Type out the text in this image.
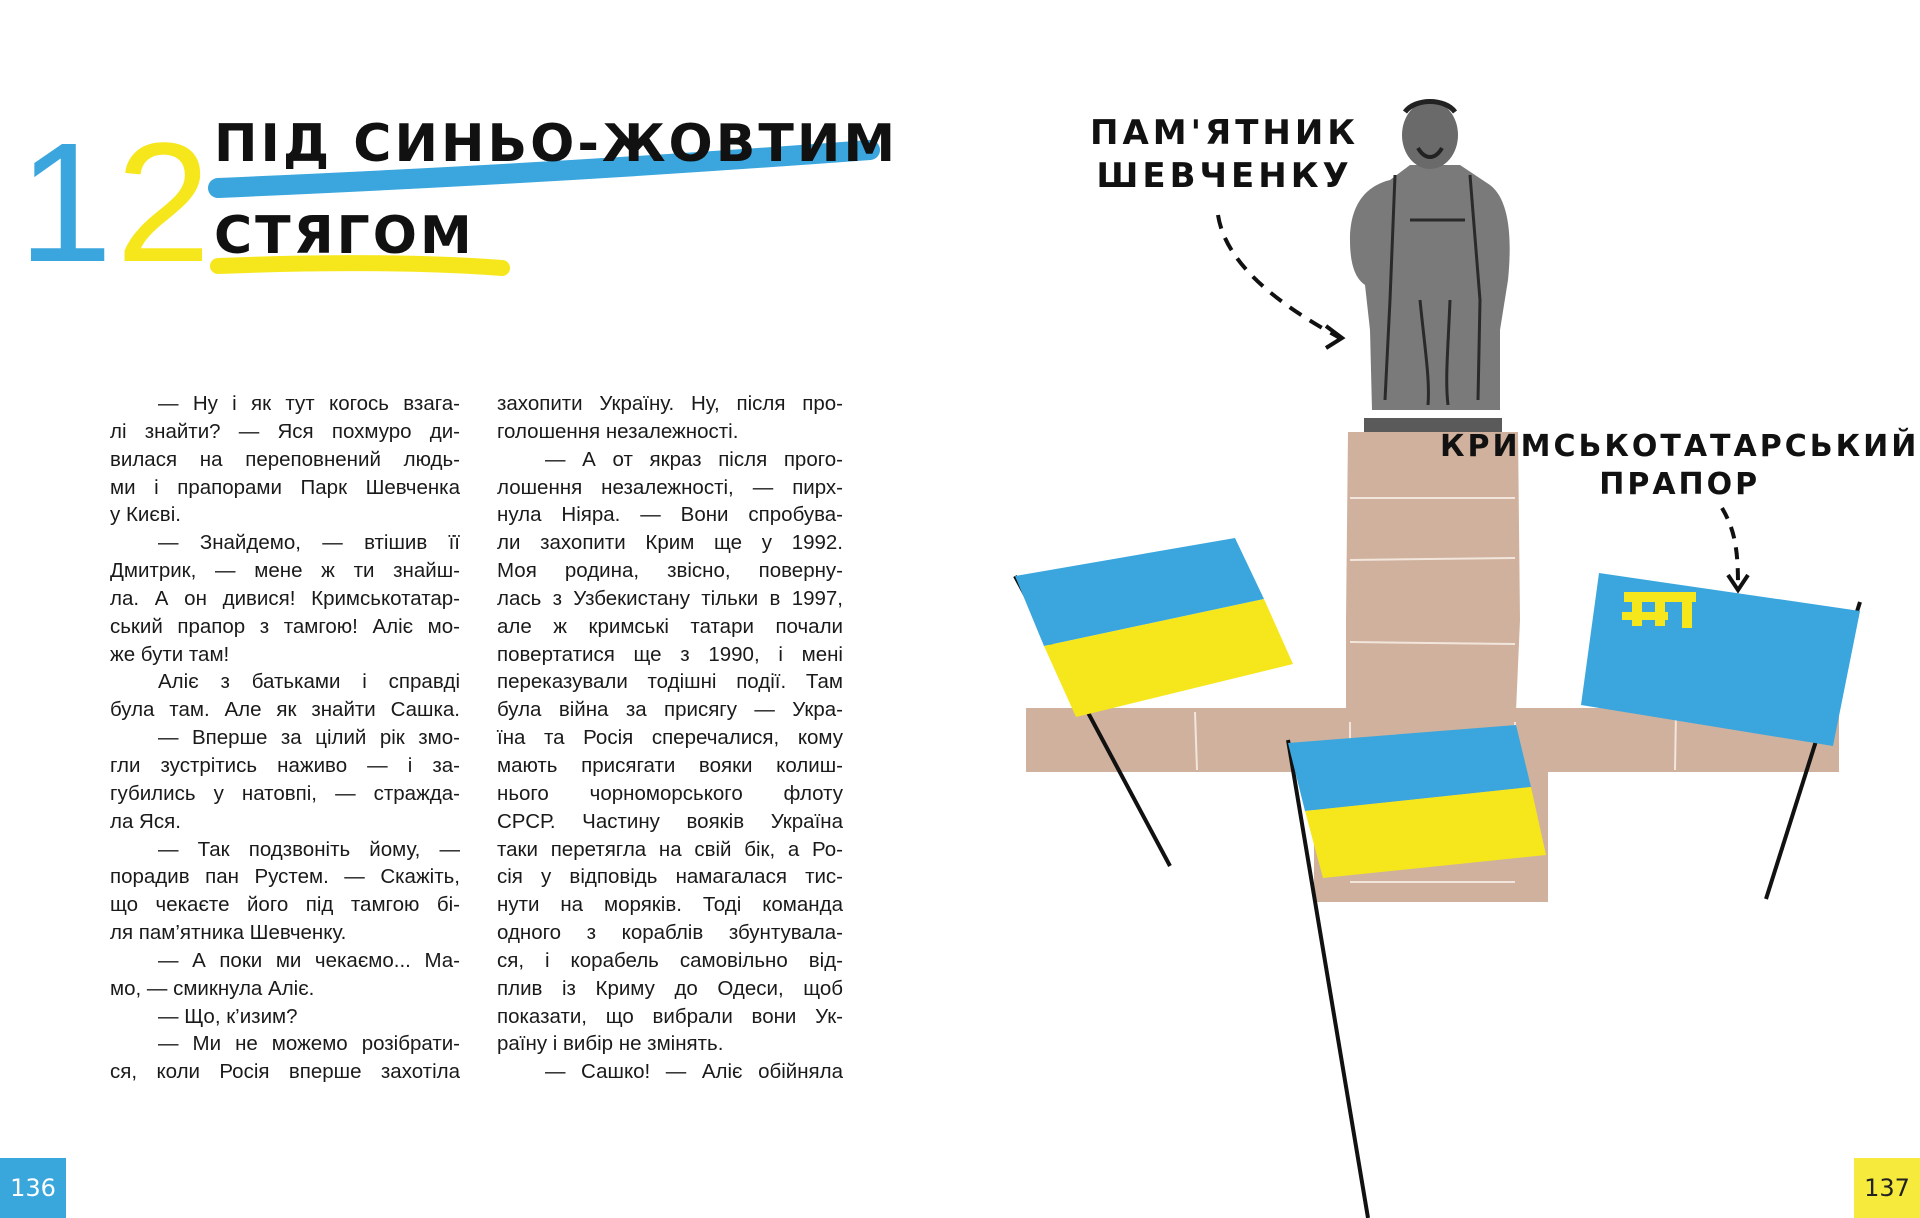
1 2 ПІД СИНЬО-ЖОВТИМ
СТЯГОМ
— Ну і як тут когось взага-
лі знайти? — Яся похмуро ди-
вилася на переповнений людь-
ми і прапорами Парк Шевченка
у Києві.
— Знайдемо, — втішив її
Дмитрик, — мене ж ти знайш-
ла. А он дивися! Кримськотатар-
ський прапор з тамгою! Аліє мо-
же бути там!
Аліє з батьками і справді
була там. Але як знайти Сашка.
— Вперше за цілий рік змо-
гли зустрітись наживо — і за-
губились у натовпі, — стражда-
ла Яся.
— Так подзвоніть йому, —
порадив пан Рустем. — Скажіть,
що чекаєте його під тамгою бі-
ля пам’ятника Шевченку.
— А поки ми чекаємо... Ма-
мо, — смикнула Аліє.
— Що, к’изим?
— Ми не можемо розібрати-
ся, коли Росія вперше захотіла
захопити Україну. Ну, після про-
голошення незалежності.
— А от якраз після прого-
лошення незалежності, — пирх-
нула Ніяра. — Вони спробува-
ли захопити Крим ще у 1992.
Моя родина, звісно, поверну-
лась з Узбекистану тільки в 1997,
але ж кримські татари почали
повертатися ще з 1990, і мені
переказували тодішні події. Там
була війна за присягу — Укра-
їна та Росія сперечалися, кому
мають присягати вояки колиш-
нього чорноморського флоту
СРСР. Частину вояків Україна
таки перетягла на свій бік, а Ро-
сія у відповідь намагалася тис-
нути на моряків. Тоді команда
одного з кораблів збунтувала-
ся, і корабель самовільно від-
плив із Криму до Одеси, щоб
показати, що вибрали вони Ук-
раїну і вибір не змінять.
— Сашко! — Аліє обійняла
ПАМ'ЯТНИК
ШЕВЧЕНКУ
КРИМСЬКОТАТАРСЬКИЙ
ПРАПОР
136	137
